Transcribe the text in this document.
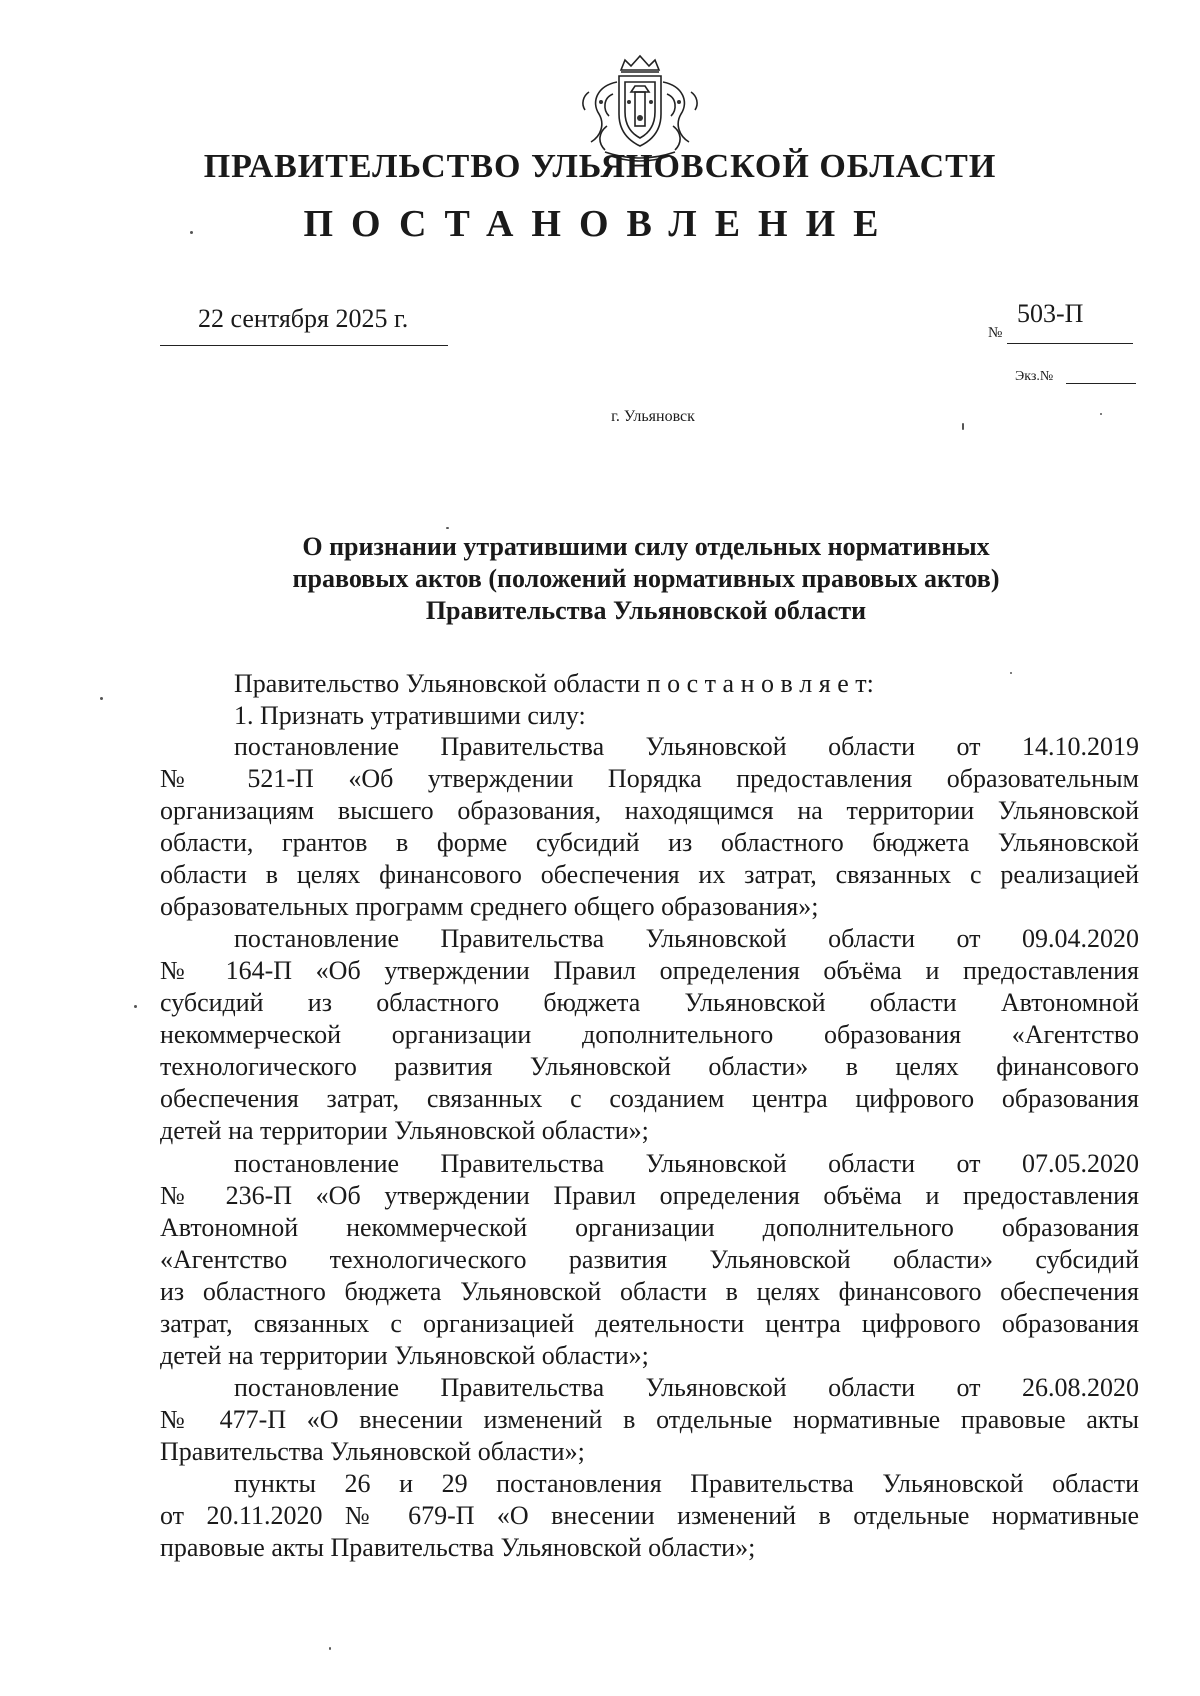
ПРАВИТЕЛЬСТВО УЛЬЯНОВСКОЙ ОБЛАСТИ
ПОСТАНОВЛЕНИЕ
22 сентября 2025 г.	№
503-П
Экз.№
г. Ульяновск
О признании утратившими силу отдельных нормативных
правовых актов (положений нормативных правовых актов)
Правительства Ульяновской области
Правительство Ульяновской области п о с т а н о в л я е т:
1. Признать утратившими силу:
постановление Правительства Ульяновской области от 14.10.2019
№ 521-П «Об утверждении Порядка предоставления образовательным
организациям высшего образования, находящимся на территории Ульяновской
области, грантов в форме субсидий из областного бюджета Ульяновской
области в целях финансового обеспечения их затрат, связанных с реализацией
образовательных программ среднего общего образования»;
постановление Правительства Ульяновской области от 09.04.2020
№ 164-П «Об утверждении Правил определения объёма и предоставления
субсидий из областного бюджета Ульяновской области Автономной
некоммерческой организации дополнительного образования «Агентство
технологического развития Ульяновской области» в целях финансового
обеспечения затрат, связанных с созданием центра цифрового образования
детей на территории Ульяновской области»;
постановление Правительства Ульяновской области от 07.05.2020
№ 236-П «Об утверждении Правил определения объёма и предоставления
Автономной некоммерческой организации дополнительного образования
«Агентство технологического развития Ульяновской области» субсидий
из областного бюджета Ульяновской области в целях финансового обеспечения
затрат, связанных с организацией деятельности центра цифрового образования
детей на территории Ульяновской области»;
постановление Правительства Ульяновской области от 26.08.2020
№ 477-П «О внесении изменений в отдельные нормативные правовые акты
Правительства Ульяновской области»;
пункты 26 и 29 постановления Правительства Ульяновской области
от 20.11.2020 № 679-П «О внесении изменений в отдельные нормативные
правовые акты Правительства Ульяновской области»;
